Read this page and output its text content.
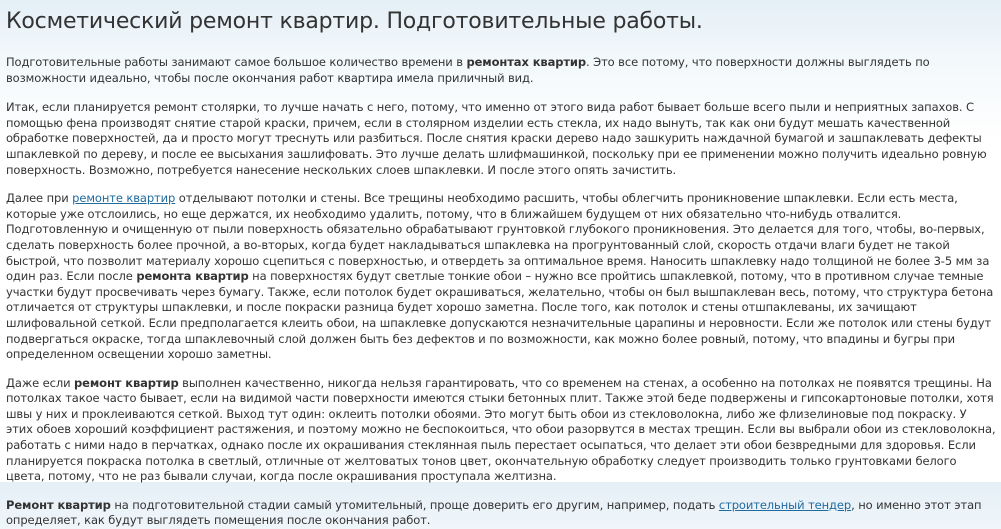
Косметический ремонт квартир. Подготовительные работы.

Подготовительные работы занимают самое большое количество времени в ремонтах квартир. Это все потому, что поверхности должны выглядеть по возможности идеально, чтобы после окончания работ квартира имела приличный вид.

Итак, если планируется ремонт столярки, то лучше начать с него, потому, что именно от этого вида работ бывает больше всего пыли и неприятных запахов. С помощью фена производят снятие старой краски, причем, если в столярном изделии есть стекла, их надо вынуть, так как они будут мешать качественной обработке поверхностей, да и просто могут треснуть или разбиться. После снятия краски дерево надо зашкурить наждачной бумагой и зашпаклевать дефекты шпаклевкой по дереву, и после ее высыхания зашлифовать. Это лучше делать шлифмашинкой, поскольку при ее применении можно получить идеально ровную поверхность. Возможно, потребуется нанесение нескольких слоев шпаклевки. И после этого опять зачистить.

Далее при ремонте квартир отделывают потолки и стены. Все трещины необходимо расшить, чтобы облегчить проникновение шпаклевки. Если есть места, которые уже отслоились, но еще держатся, их необходимо удалить, потому, что в ближайшем будущем от них обязательно что-нибудь отвалится. Подготовленную и очищенную от пыли поверхность обязательно обрабатывают грунтовкой глубокого проникновения. Это делается для того, чтобы, во-первых, сделать поверхность более прочной, а во-вторых, когда будет накладываться шпаклевка на прогрунтованный слой, скорость отдачи влаги будет не такой быстрой, что позволит материалу хорошо сцепиться с поверхностью, и отвердеть за оптимальное время. Наносить шпаклевку надо толщиной не более 3-5 мм за один раз. Если после ремонта квартир на поверхностях будут светлые тонкие обои – нужно все пройтись шпаклевкой, потому, что в противном случае темные участки будут просвечивать через бумагу. Также, если потолок будет окрашиваться, желательно, чтобы он был вышпаклеван весь, потому, что структура бетона отличается от структуры шпаклевки, и после покраски разница будет хорошо заметна. После того, как потолок и стены отшпаклеваны, их зачищают шлифовальной сеткой. Если предполагается клеить обои, на шпаклевке допускаются незначительные царапины и неровности. Если же потолок или стены будут подвергаться окраске, тогда шпаклевочный слой должен быть без дефектов и по возможности, как можно более ровный, потому, что впадины и бугры при определенном освещении хорошо заметны.

Даже если ремонт квартир выполнен качественно, никогда нельзя гарантировать, что со временем на стенах, а особенно на потолках не появятся трещины. На потолках такое часто бывает, если на видимой части поверхности имеются стыки бетонных плит. Также этой беде подвержены и гипсокартоновые потолки, хотя швы у них и проклеиваются сеткой. Выход тут один: оклеить потолки обоями. Это могут быть обои из стекловолокна, либо же флизелиновые под покраску. У этих обоев хороший коэффициент растяжения, и поэтому можно не беспокоиться, что обои разорвутся в местах трещин. Если вы выбрали обои из стекловолокна, работать с ними надо в перчатках, однако после их окрашивания стеклянная пыль перестает осыпаться, что делает эти обои безвредными для здоровья. Если планируется покраска потолка в светлый, отличные от желтоватых тонов цвет, окончательную обработку следует производить только грунтовками белого цвета, потому, что не раз бывали случаи, когда после окрашивания проступала желтизна.

Ремонт квартир на подготовительной стадии самый утомительный, проще доверить его другим, например, подать строительный тендер, но именно этот этап определяет, как будут выглядеть помещения после окончания работ.
